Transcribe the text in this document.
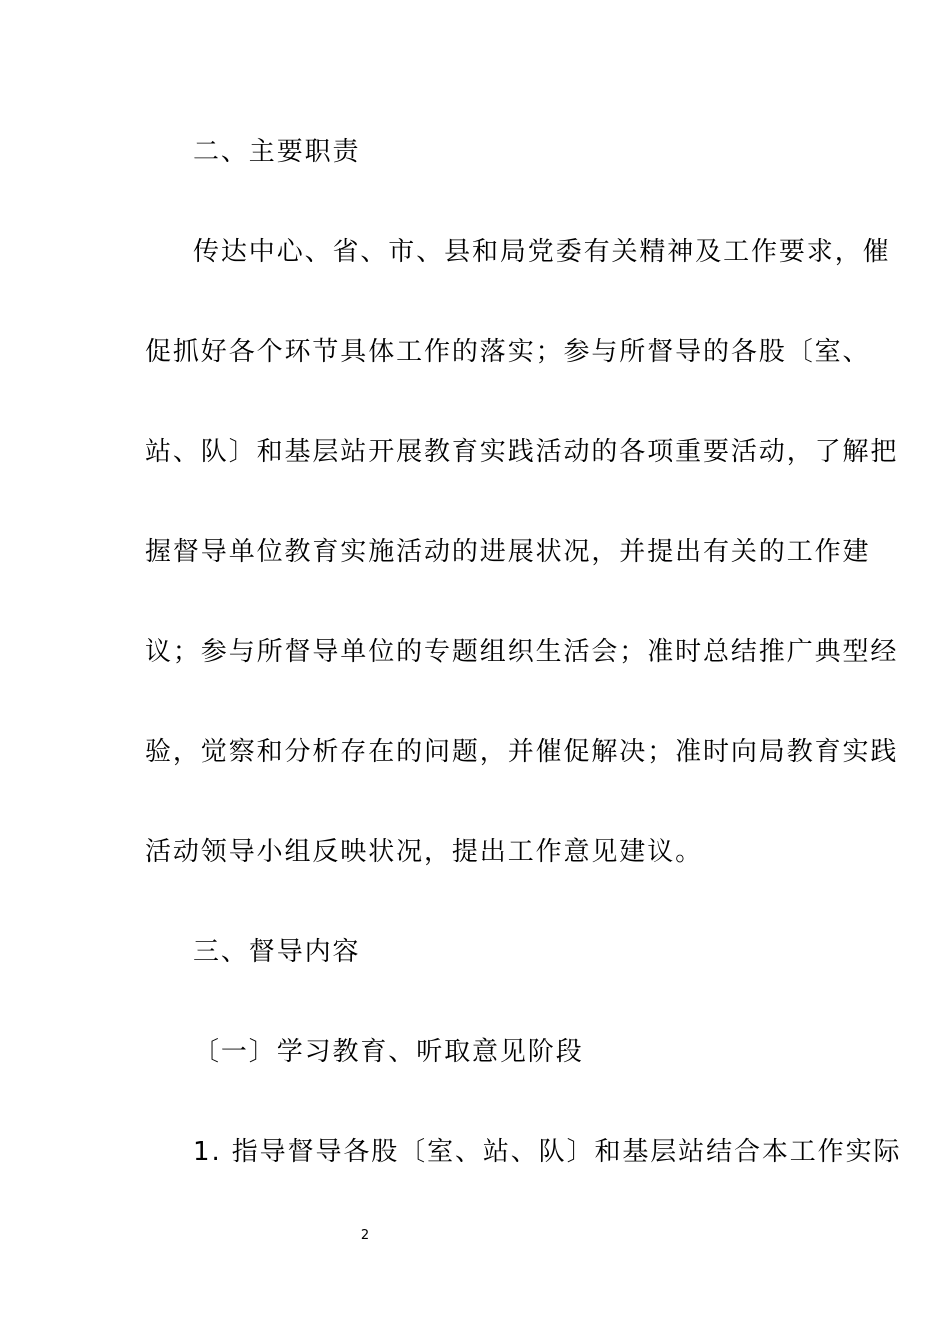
二、主要职责
传达中心、省、市、县和局党委有关精神及工作要求，催
促抓好各个环节具体工作的落实；参与所督导的各股〔室、
站、队〕和基层站开展教育实践活动的各项重要活动，了解把
握督导单位教育实施活动的进展状况，并提出有关的工作建
议；参与所督导单位的专题组织生活会；准时总结推广典型经
验，觉察和分析存在的问题，并催促解决；准时向局教育实践
活动领导小组反映状况，提出工作意见建议。
三、督导内容
〔一〕学习教育、听取意见阶段
1. 指导督导各股〔室、站、队〕和基层站结合本工作实际
2
